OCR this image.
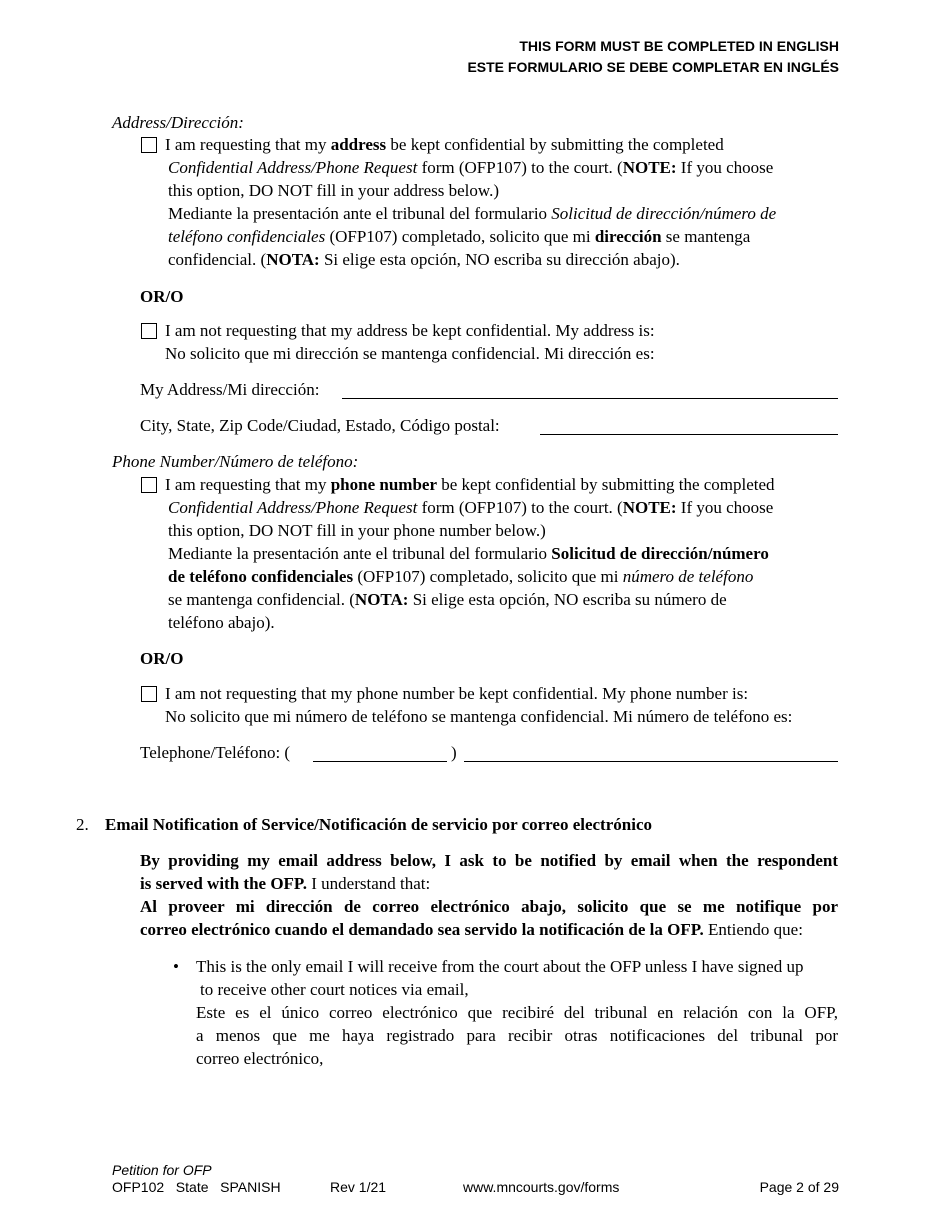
THIS FORM MUST BE COMPLETED IN ENGLISH
ESTE FORMULARIO SE DEBE COMPLETAR EN INGLÉS
Address/Dirección:
I am requesting that my address be kept confidential by submitting the completed
Confidential Address/Phone Request form (OFP107) to the court. (NOTE: If you choose
this option, DO NOT fill in your address below.)
Mediante la presentación ante el tribunal del formulario Solicitud de dirección/número de
teléfono confidenciales (OFP107) completado, solicito que mi dirección se mantenga
confidencial. (NOTA: Si elige esta opción, NO escriba su dirección abajo).
OR/O
I am not requesting that my address be kept confidential. My address is:
No solicito que mi dirección se mantenga confidencial. Mi dirección es:
My Address/Mi dirección:
City, State, Zip Code/Ciudad, Estado, Código postal:
Phone Number/Número de teléfono:
I am requesting that my phone number be kept confidential by submitting the completed
Confidential Address/Phone Request form (OFP107) to the court. (NOTE: If you choose
this option, DO NOT fill in your phone number below.)
Mediante la presentación ante el tribunal del formulario Solicitud de dirección/número
de teléfono confidenciales (OFP107) completado, solicito que mi número de teléfono
se mantenga confidencial. (NOTA: Si elige esta opción, NO escriba su número de
teléfono abajo).
OR/O
I am not requesting that my phone number be kept confidential. My phone number is:
No solicito que mi número de teléfono se mantenga confidencial. Mi número de teléfono es:
Telephone/Teléfono: (	)
2. Email Notification of Service/Notificación de servicio por correo electrónico
By providing my email address below, I ask to be notified by email when the respondent
is served with the OFP. I understand that:
Al proveer mi dirección de correo electrónico abajo, solicito que se me notifique por
correo electrónico cuando el demandado sea servido la notificación de la OFP. Entiendo que:
• This is the only email I will receive from the court about the OFP unless I have signed up
to receive other court notices via email,
Este es el único correo electrónico que recibiré del tribunal en relación con la OFP,
a menos que me haya registrado para recibir otras notificaciones del tribunal por
correo electrónico,
Petition for OFP
OFP102   State   SPANISH	Rev 1/21	www.mncourts.gov/forms	Page 2 of 29
